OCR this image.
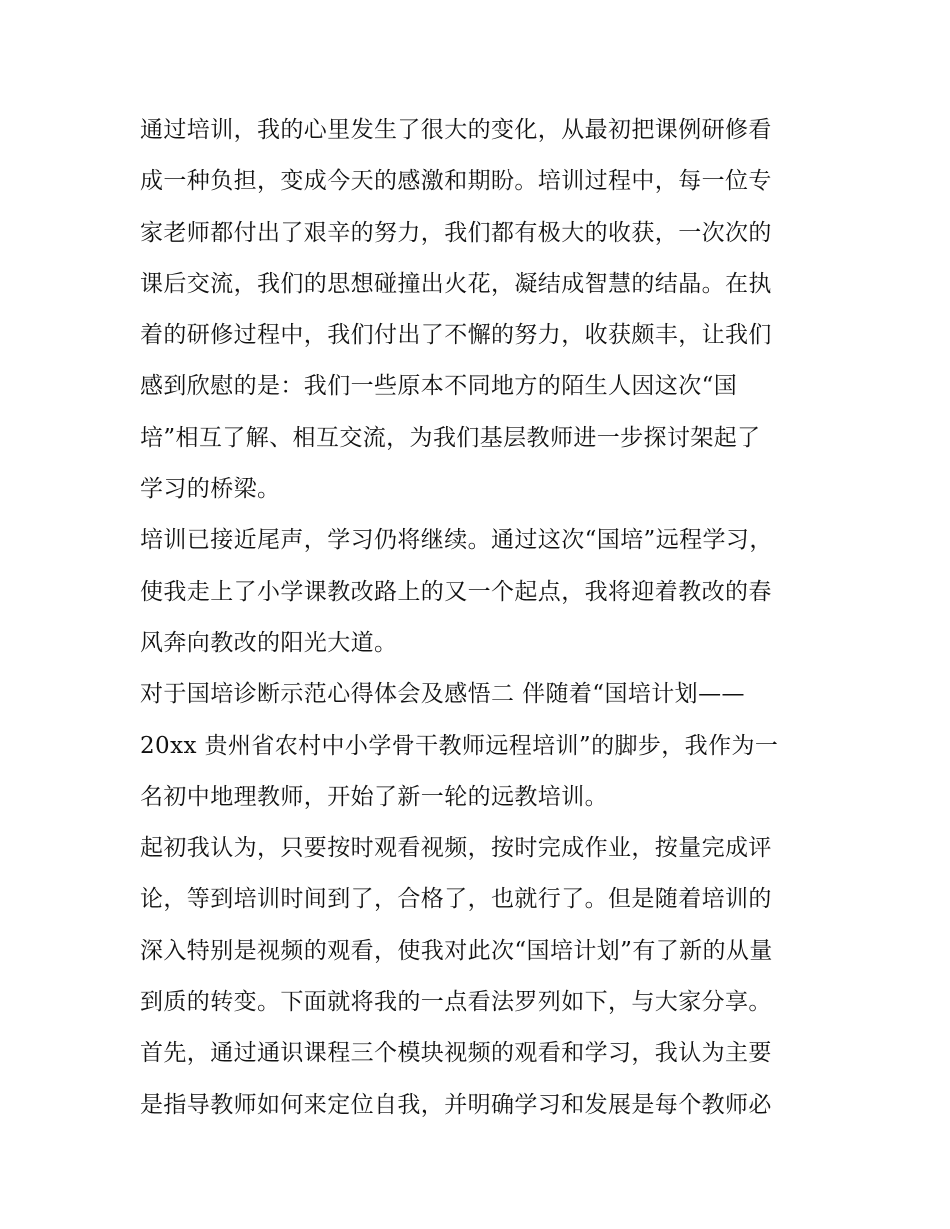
通过培训，我的心里发生了很大的变化，从最初把课例研修看
成一种负担，变成今天的感激和期盼。培训过程中，每一位专
家老师都付出了艰辛的努力，我们都有极大的收获，一次次的
课后交流，我们的思想碰撞出火花，凝结成智慧的结晶。在执
着的研修过程中，我们付出了不懈的努力，收获颇丰，让我们
感到欣慰的是：我们一些原本不同地方的陌生人因这次“国
培”相互了解、相互交流，为我们基层教师进一步探讨架起了
学习的桥梁。
培训已接近尾声，学习仍将继续。通过这次“国培”远程学习，
使我走上了小学课教改路上的又一个起点，我将迎着教改的春
风奔向教改的阳光大道。
对于国培诊断示范心得体会及感悟二 伴随着“国培计划——
20xx 贵州省农村中小学骨干教师远程培训”的脚步，我作为一
名初中地理教师，开始了新一轮的远教培训。
起初我认为，只要按时观看视频，按时完成作业，按量完成评
论，等到培训时间到了，合格了，也就行了。但是随着培训的
深入特别是视频的观看，使我对此次“国培计划”有了新的从量
到质的转变。下面就将我的一点看法罗列如下，与大家分享。
首先，通过通识课程三个模块视频的观看和学习，我认为主要
是指导教师如何来定位自我，并明确学习和发展是每个教师必
